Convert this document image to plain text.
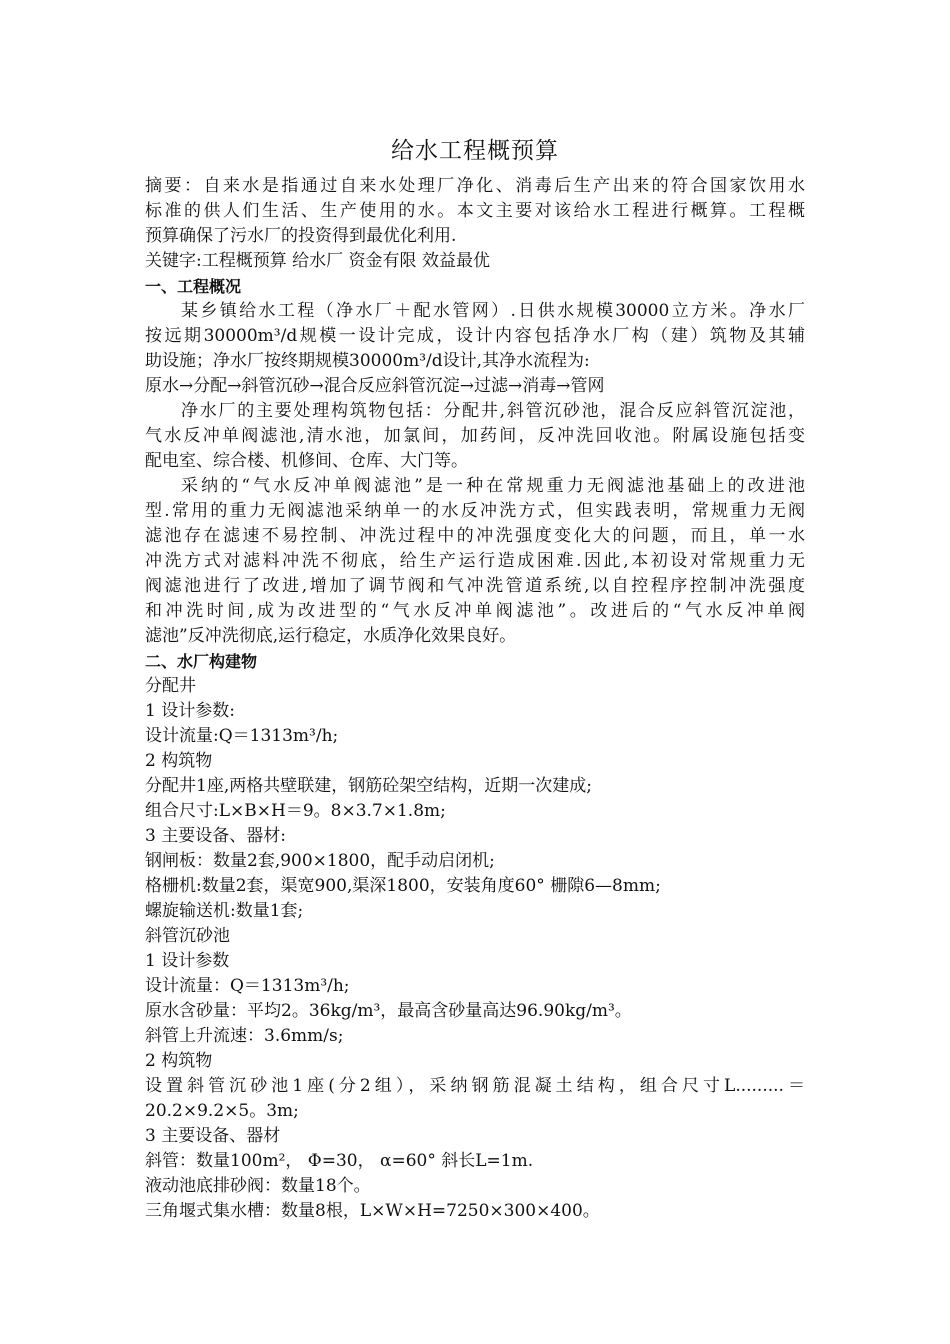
给水工程概预算
摘要：自来水是指通过自来水处理厂净化、消毒后生产出来的符合国家饮用水
标准的供人们生活、生产使用的水。本文主要对该给水工程进行概算。工程概
预算确保了污水厂的投资得到最优化利用.
关键字:工程概预算 给水厂 资金有限 效益最优
一、工程概况
某乡镇给水工程（净水厂＋配水管网）.日供水规模30000立方米。净水厂
按远期30000m³/d规模一设计完成，设计内容包括净水厂构（建）筑物及其辅
助设施；净水厂按终期规模30000m³/d设计,其净水流程为:
原水→分配→斜管沉砂→混合反应斜管沉淀→过滤→消毒→管网
净水厂的主要处理构筑物包括：分配井,斜管沉砂池，混合反应斜管沉淀池，
气水反冲单阀滤池,清水池，加氯间，加药间，反冲洗回收池。附属设施包括变
配电室、综合楼、机修间、仓库、大门等。
采纳的“气水反冲单阀滤池”是一种在常规重力无阀滤池基础上的改进池
型.常用的重力无阀滤池采纳单一的水反冲洗方式，但实践表明，常规重力无阀
滤池存在滤速不易控制、冲洗过程中的冲洗强度变化大的问题，而且，单一水
冲洗方式对滤料冲洗不彻底，给生产运行造成困难.因此,本初设对常规重力无
阀滤池进行了改进,增加了调节阀和气冲洗管道系统,以自控程序控制冲洗强度
和冲洗时间,成为改进型的“气水反冲单阀滤池”。改进后的“气水反冲单阀
滤池”反冲洗彻底,运行稳定，水质净化效果良好。
二、水厂构建物
分配井
1 设计参数:
设计流量:Q＝1313m³/h;
2 构筑物
分配井1座,两格共壁联建，钢筋砼架空结构，近期一次建成;
组合尺寸:L×B×H＝9。8×3.7×1.8m;
3 主要设备、器材:
钢闸板：数量2套,900×1800，配手动启闭机;
格栅机:数量2套，渠宽900,渠深1800，安装角度60° 栅隙6—8mm;
螺旋输送机:数量1套;
斜管沉砂池
1 设计参数
设计流量：Q＝1313m³/h;
原水含砂量：平均2。36kg/m³，最高含砂量高达96.90kg/m³。
斜管上升流速：3.6mm/s;
2 构筑物
设置斜管沉砂池1座(分2组），采纳钢筋混凝土结构，组合尺寸L.........＝
20.2×9.2×5。3m;
3 主要设备、器材
斜管：数量100m²， Φ=30， α=60° 斜长L=1m.
液动池底排砂阀：数量18个。
三角堰式集水槽：数量8根，L×W×H=7250×300×400。
